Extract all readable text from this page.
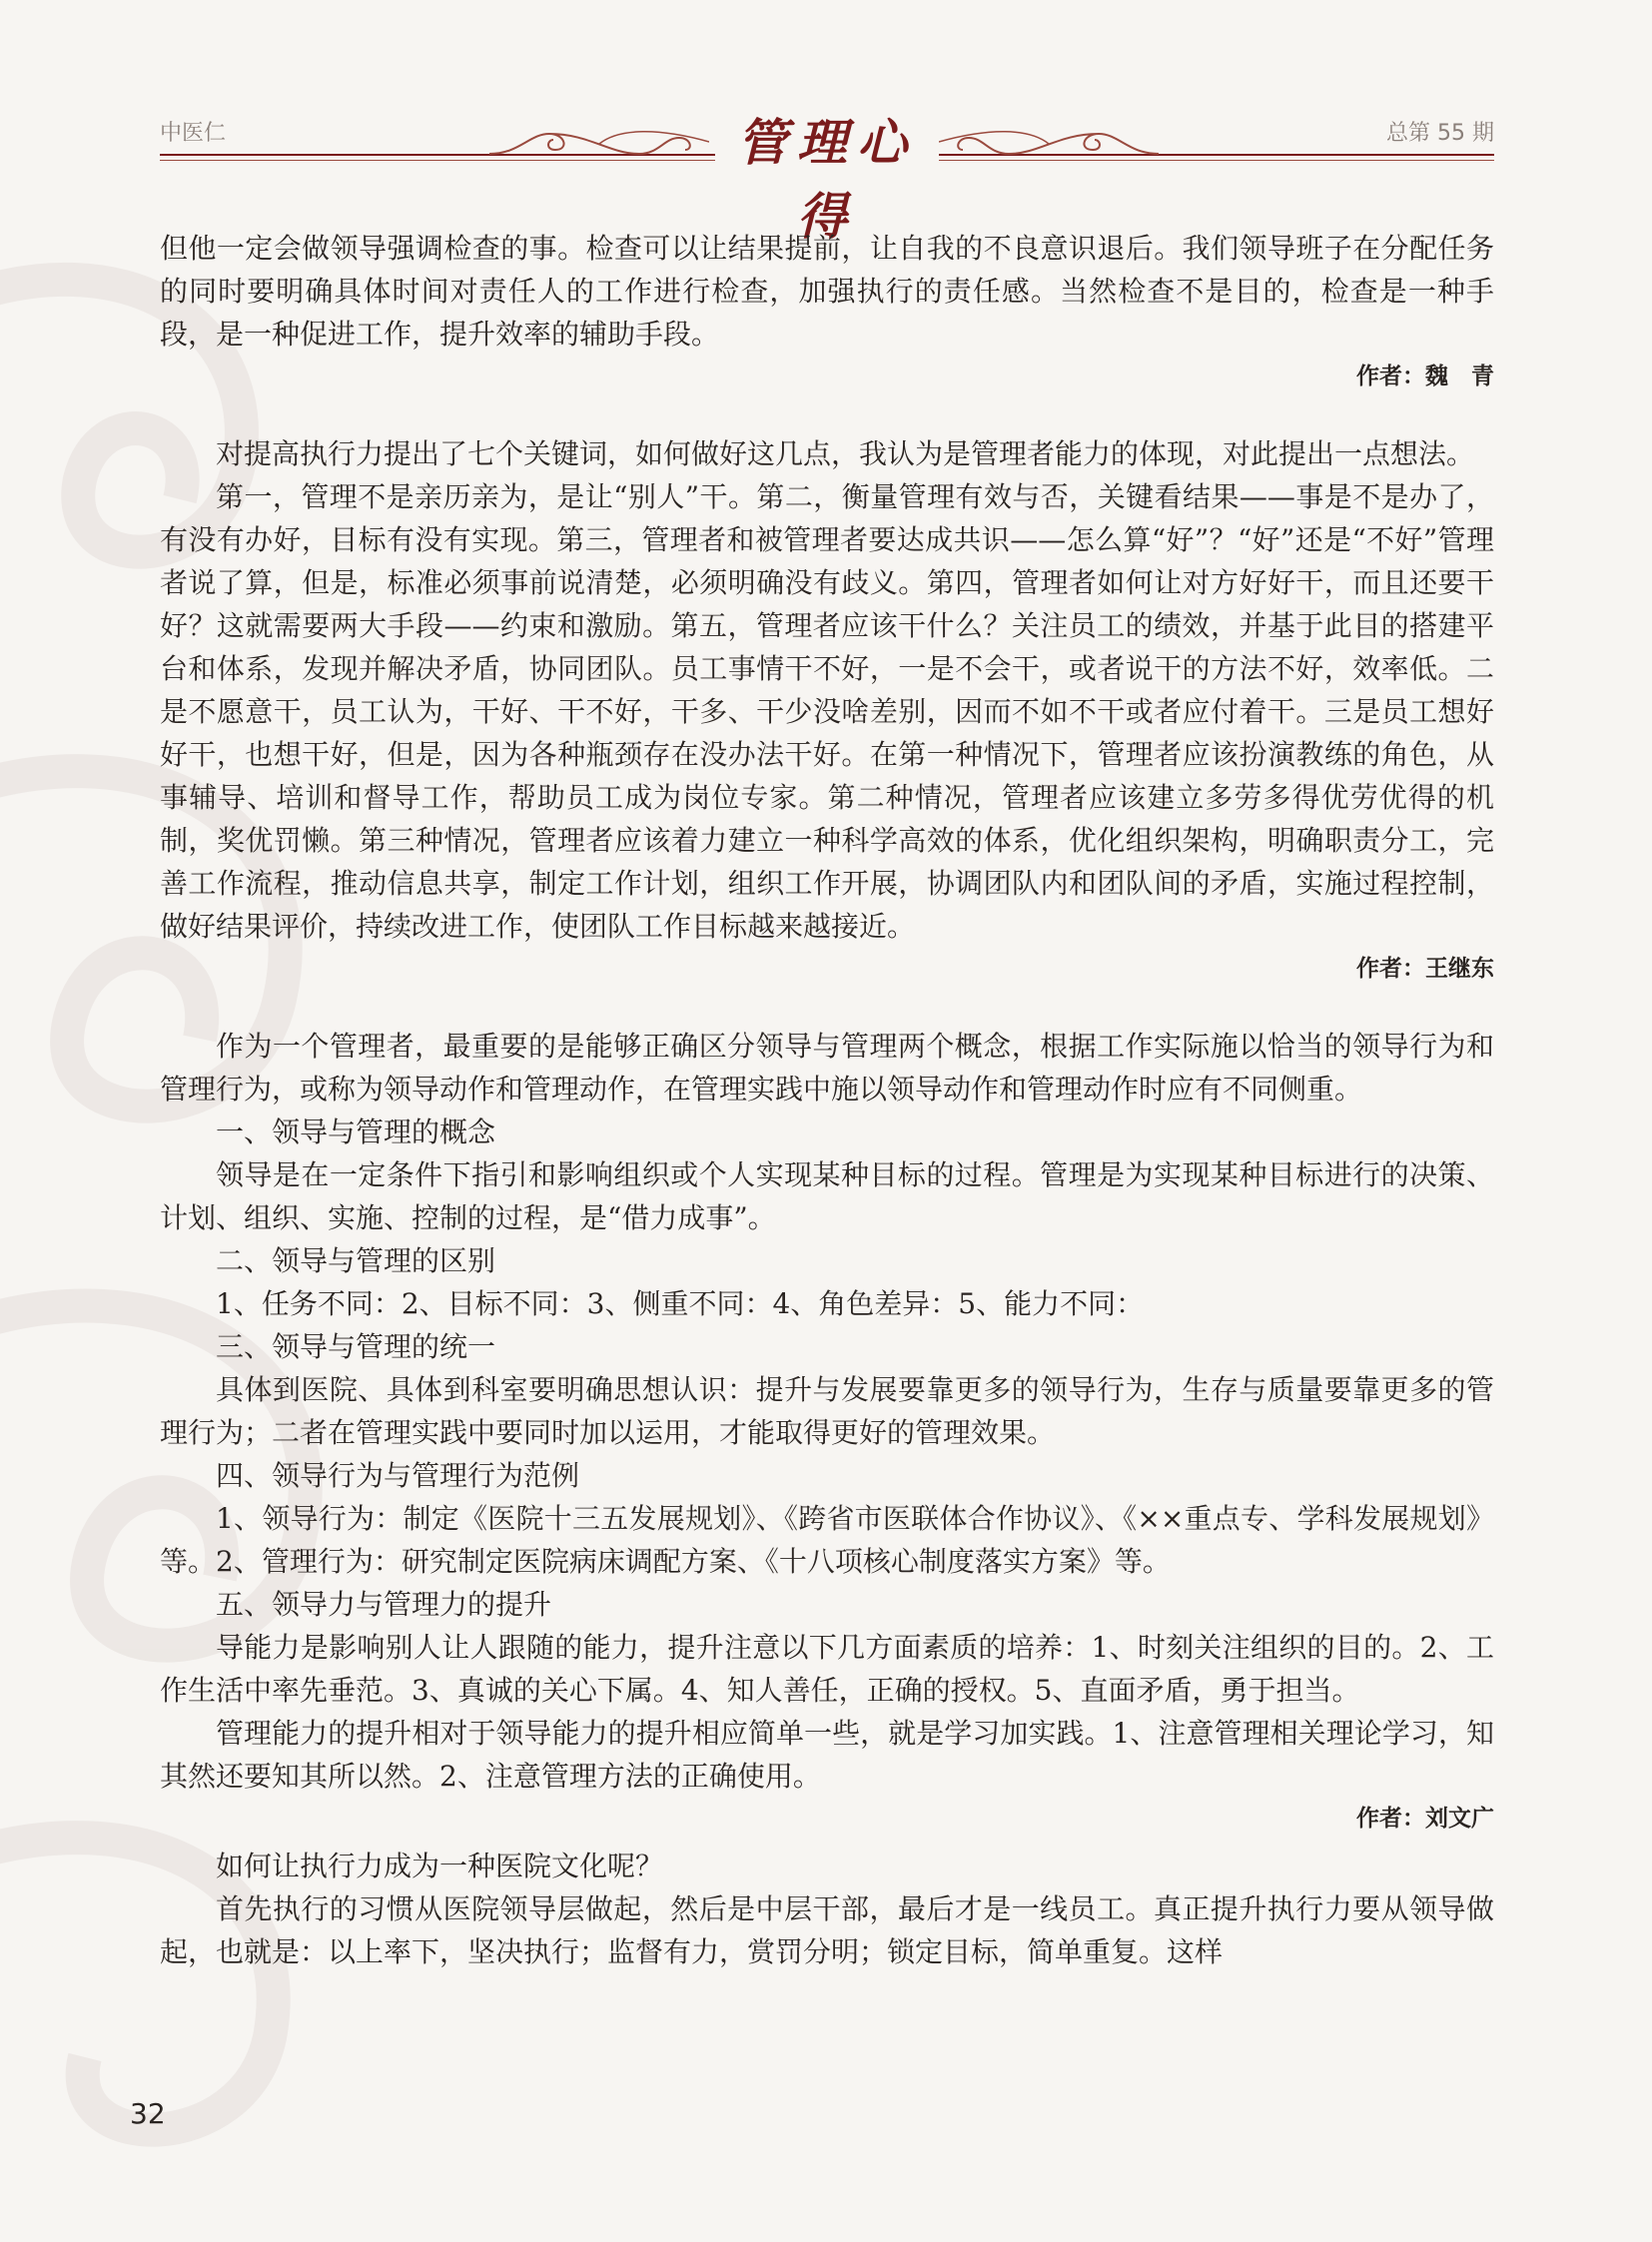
中医仁	总第 55 期
管理心得

但他一定会做领导强调检查的事。检查可以让结果提前，让自我的不良意识退后。我们领导班子在分配任务的同时要明确具体时间对责任人的工作进行检查，加强执行的责任感。当然检查不是目的，检查是一种手段，是一种促进工作，提升效率的辅助手段。

作者：魏　青

对提高执行力提出了七个关键词，如何做好这几点，我认为是管理者能力的体现，对此提出一点想法。

第一，管理不是亲历亲为，是让“别人”干。第二，衡量管理有效与否，关键看结果——事是不是办了，有没有办好，目标有没有实现。第三，管理者和被管理者要达成共识——怎么算“好”？“好”还是“不好”管理者说了算，但是，标准必须事前说清楚，必须明确没有歧义。第四，管理者如何让对方好好干，而且还要干好？这就需要两大手段——约束和激励。第五，管理者应该干什么？关注员工的绩效，并基于此目的搭建平台和体系，发现并解决矛盾，协同团队。员工事情干不好，一是不会干，或者说干的方法不好，效率低。二是不愿意干，员工认为，干好、干不好，干多、干少没啥差别，因而不如不干或者应付着干。三是员工想好好干，也想干好，但是，因为各种瓶颈存在没办法干好。在第一种情况下，管理者应该扮演教练的角色，从事辅导、培训和督导工作，帮助员工成为岗位专家。第二种情况，管理者应该建立多劳多得优劳优得的机制，奖优罚懒。第三种情况，管理者应该着力建立一种科学高效的体系，优化组织架构，明确职责分工，完善工作流程，推动信息共享，制定工作计划，组织工作开展，协调团队内和团队间的矛盾，实施过程控制，做好结果评价，持续改进工作，使团队工作目标越来越接近。

作者：王继东

作为一个管理者，最重要的是能够正确区分领导与管理两个概念，根据工作实际施以恰当的领导行为和管理行为，或称为领导动作和管理动作，在管理实践中施以领导动作和管理动作时应有不同侧重。

一、领导与管理的概念

领导是在一定条件下指引和影响组织或个人实现某种目标的过程。管理是为实现某种目标进行的决策、计划、组织、实施、控制的过程，是“借力成事”。

二、领导与管理的区别

1、任务不同：2、目标不同：3、侧重不同：4、角色差异：5、能力不同：

三、领导与管理的统一

具体到医院、具体到科室要明确思想认识：提升与发展要靠更多的领导行为，生存与质量要靠更多的管理行为；二者在管理实践中要同时加以运用，才能取得更好的管理效果。

四、领导行为与管理行为范例

1、领导行为：制定《医院十三五发展规划》、《跨省市医联体合作协议》、《××重点专、学科发展规划》等。2、管理行为：研究制定医院病床调配方案、《十八项核心制度落实方案》等。

五、领导力与管理力的提升

导能力是影响别人让人跟随的能力，提升注意以下几方面素质的培养：1、时刻关注组织的目的。2、工作生活中率先垂范。3、真诚的关心下属。4、知人善任，正确的授权。5、直面矛盾，勇于担当。

管理能力的提升相对于领导能力的提升相应简单一些，就是学习加实践。1、注意管理相关理论学习，知其然还要知其所以然。2、注意管理方法的正确使用。

作者：刘文广

如何让执行力成为一种医院文化呢？

首先执行的习惯从医院领导层做起，然后是中层干部，最后才是一线员工。真正提升执行力要从领导做起，也就是：以上率下，坚决执行；监督有力，赏罚分明；锁定目标，简单重复。这样

32
